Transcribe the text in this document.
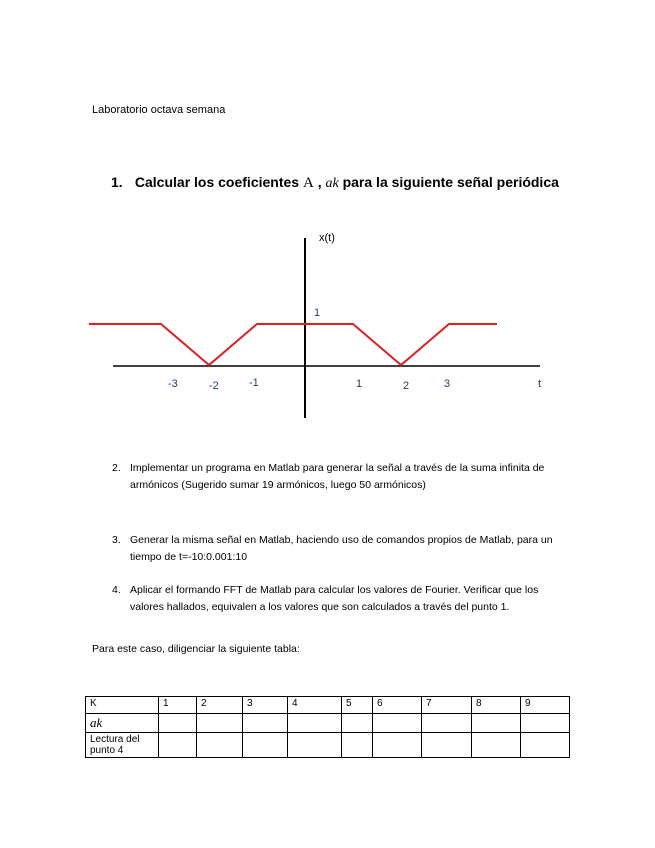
Laboratorio octava semana
1. Calcular los coeficientes A , ak para la siguiente señal periódica
x(t)
1
t
-3	-2	-1	1	2	3
2. Implementar un programa en Matlab para generar la señal a través de la suma infinita de armónicos (Sugerido sumar 19 armónicos, luego 50 armónicos)
3. Generar la misma señal en Matlab, haciendo uso de comandos propios de Matlab, para un tiempo de t=-10:0.001:10
4. Aplicar el formando FFT de Matlab para calcular los valores de Fourier. Verificar que los valores hallados, equivalen a los valores que son calculados a través del punto 1.
Para este caso, diligenciar la siguiente tabla:
K	1	2	3	4	5	6	7	8	9
ak									
Lectura del
punto 4									
